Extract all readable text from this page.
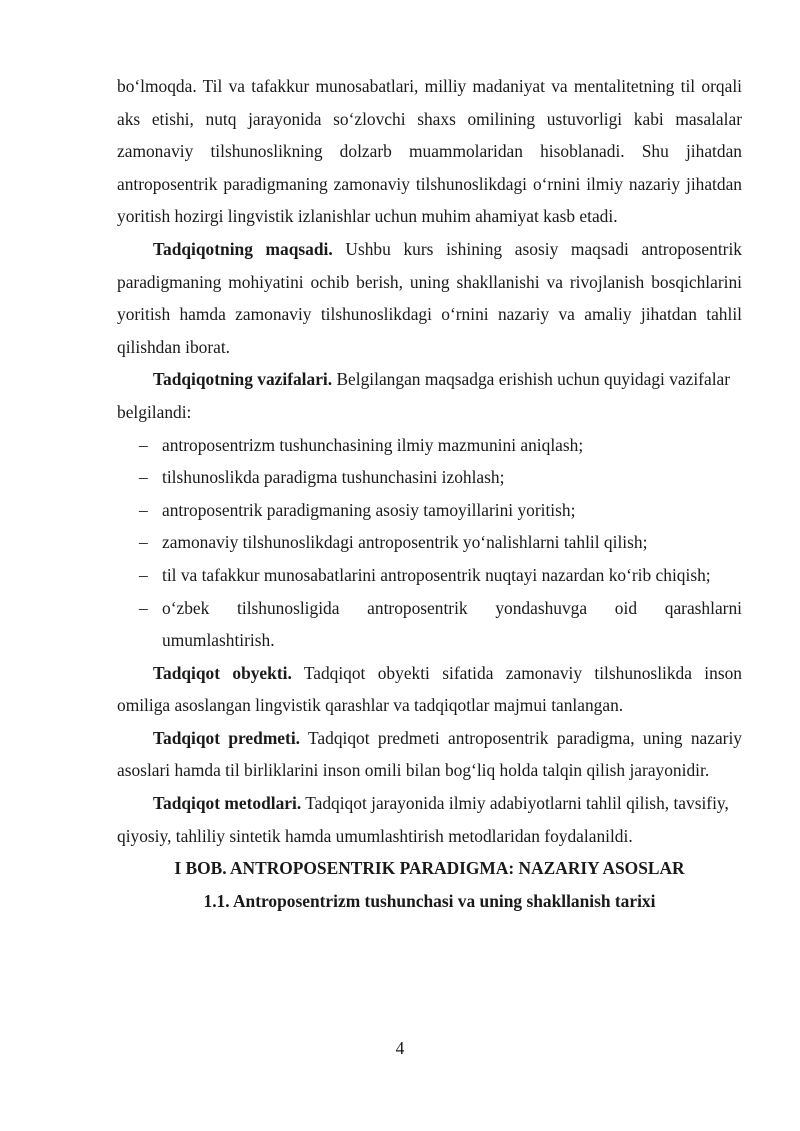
bo‘lmoqda. Til va tafakkur munosabatlari, milliy madaniyat va mentalitetning til orqali aks etishi, nutq jarayonida so‘zlovchi shaxs omilining ustuvorligi kabi masalalar zamonaviy tilshunoslikning dolzarb muammolaridan hisoblanadi. Shu jihatdan antroposentrik paradigmaning zamonaviy tilshunoslikdagi o‘rnini ilmiy nazariy jihatdan yoritish hozirgi lingvistik izlanishlar uchun muhim ahamiyat kasb etadi.

Tadqiqotning maqsadi. Ushbu kurs ishining asosiy maqsadi antroposentrik paradigmaning mohiyatini ochib berish, uning shakllanishi va rivojlanish bosqichlarini yoritish hamda zamonaviy tilshunoslikdagi o‘rnini nazariy va amaliy jihatdan tahlil qilishdan iborat.

Tadqiqotning vazifalari. Belgilangan maqsadga erishish uchun quyidagi vazifalar belgilandi:

– antroposentrizm tushunchasining ilmiy mazmunini aniqlash;
– tilshunoslikda paradigma tushunchasini izohlash;
– antroposentrik paradigmaning asosiy tamoyillarini yoritish;
– zamonaviy tilshunoslikdagi antroposentrik yo‘nalishlarni tahlil qilish;
– til va tafakkur munosabatlarini antroposentrik nuqtayi nazardan ko‘rib chiqish;
– o‘zbek tilshunosligida antroposentrik yondashuvga oid qarashlarni umumlashtirish.

Tadqiqot obyekti. Tadqiqot obyekti sifatida zamonaviy tilshunoslikda inson omiliga asoslangan lingvistik qarashlar va tadqiqotlar majmui tanlangan.

Tadqiqot predmeti. Tadqiqot predmeti antroposentrik paradigma, uning nazariy asoslari hamda til birliklarini inson omili bilan bog‘liq holda talqin qilish jarayonidir.

Tadqiqot metodlari. Tadqiqot jarayonida ilmiy adabiyotlarni tahlil qilish, tavsifiy, qiyosiy, tahliliy sintetik hamda umumlashtirish metodlaridan foydalanildi.

I BOB. ANTROPOSENTRIK PARADIGMA: NAZARIY ASOSLAR
1.1. Antroposentrizm tushunchasi va uning shakllanish tarixi
4
